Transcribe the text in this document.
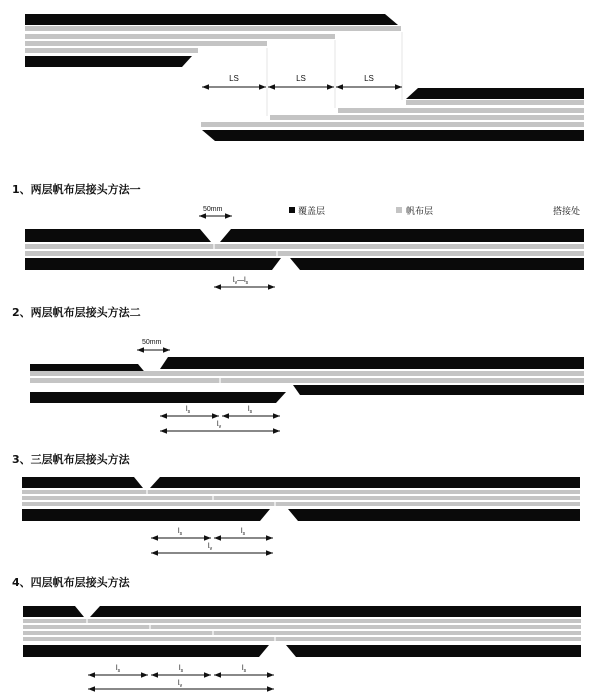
LS	LS	LS
1、两层帆布层接头方法一
50mm	覆盖层	帆布层	搭接处
$l_v—l_s$
2、两层帆布层接头方法二
50mm
$l_s$	$l_s$
$l_v$
3、三层帆布层接头方法
$l_s$	$l_s$
$l_v$
4、四层帆布层接头方法
$l_s$	$l_s$	$l_s$
$l_v$
